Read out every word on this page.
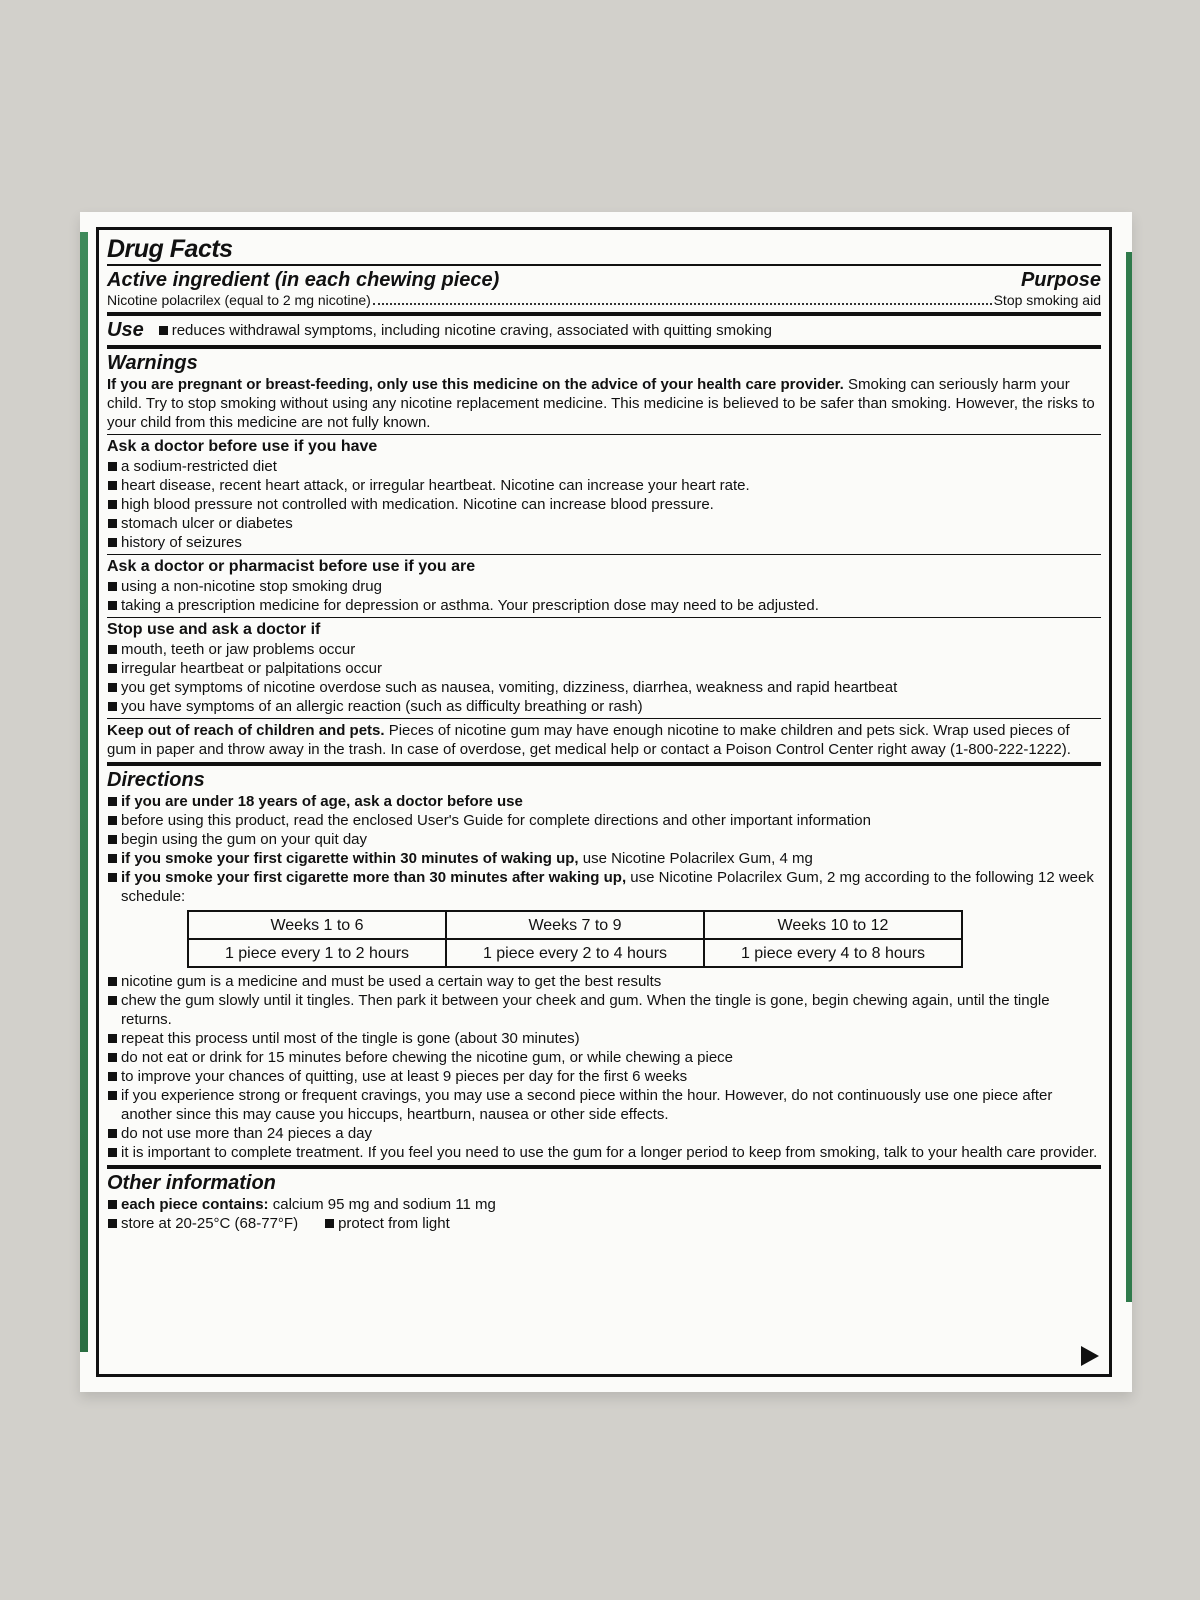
Drug Facts
Active ingredient (in each chewing piece)	Purpose
Nicotine polacrilex (equal to 2 mg nicotine)	Stop smoking aid
Use	reduces withdrawal symptoms, including nicotine craving, associated with quitting smoking
Warnings
If you are pregnant or breast-feeding, only use this medicine on the advice of your health care provider. Smoking can seriously harm your child. Try to stop smoking without using any nicotine replacement medicine. This medicine is believed to be safer than smoking. However, the risks to your child from this medicine are not fully known.
Ask a doctor before use if you have
a sodium-restricted diet
heart disease, recent heart attack, or irregular heartbeat. Nicotine can increase your heart rate.
high blood pressure not controlled with medication. Nicotine can increase blood pressure.
stomach ulcer or diabetes
history of seizures
Ask a doctor or pharmacist before use if you are
using a non-nicotine stop smoking drug
taking a prescription medicine for depression or asthma. Your prescription dose may need to be adjusted.
Stop use and ask a doctor if
mouth, teeth or jaw problems occur
irregular heartbeat or palpitations occur
you get symptoms of nicotine overdose such as nausea, vomiting, dizziness, diarrhea, weakness and rapid heartbeat
you have symptoms of an allergic reaction (such as difficulty breathing or rash)
Keep out of reach of children and pets. Pieces of nicotine gum may have enough nicotine to make children and pets sick. Wrap used pieces of gum in paper and throw away in the trash. In case of overdose, get medical help or contact a Poison Control Center right away (1-800-222-1222).
Directions
if you are under 18 years of age, ask a doctor before use
before using this product, read the enclosed User's Guide for complete directions and other important information
begin using the gum on your quit day
if you smoke your first cigarette within 30 minutes of waking up, use Nicotine Polacrilex Gum, 4 mg
if you smoke your first cigarette more than 30 minutes after waking up, use Nicotine Polacrilex Gum, 2 mg according to the following 12 week schedule:
Weeks 1 to 6	Weeks 7 to 9	Weeks 10 to 12
1 piece every 1 to 2 hours	1 piece every 2 to 4 hours	1 piece every 4 to 8 hours
nicotine gum is a medicine and must be used a certain way to get the best results
chew the gum slowly until it tingles. Then park it between your cheek and gum. When the tingle is gone, begin chewing again, until the tingle returns.
repeat this process until most of the tingle is gone (about 30 minutes)
do not eat or drink for 15 minutes before chewing the nicotine gum, or while chewing a piece
to improve your chances of quitting, use at least 9 pieces per day for the first 6 weeks
if you experience strong or frequent cravings, you may use a second piece within the hour. However, do not continuously use one piece after another since this may cause you hiccups, heartburn, nausea or other side effects.
do not use more than 24 pieces a day
it is important to complete treatment. If you feel you need to use the gum for a longer period to keep from smoking, talk to your health care provider.
Other information
each piece contains: calcium 95 mg and sodium 11 mg
store at 20-25°C (68-77°F)	protect from light
